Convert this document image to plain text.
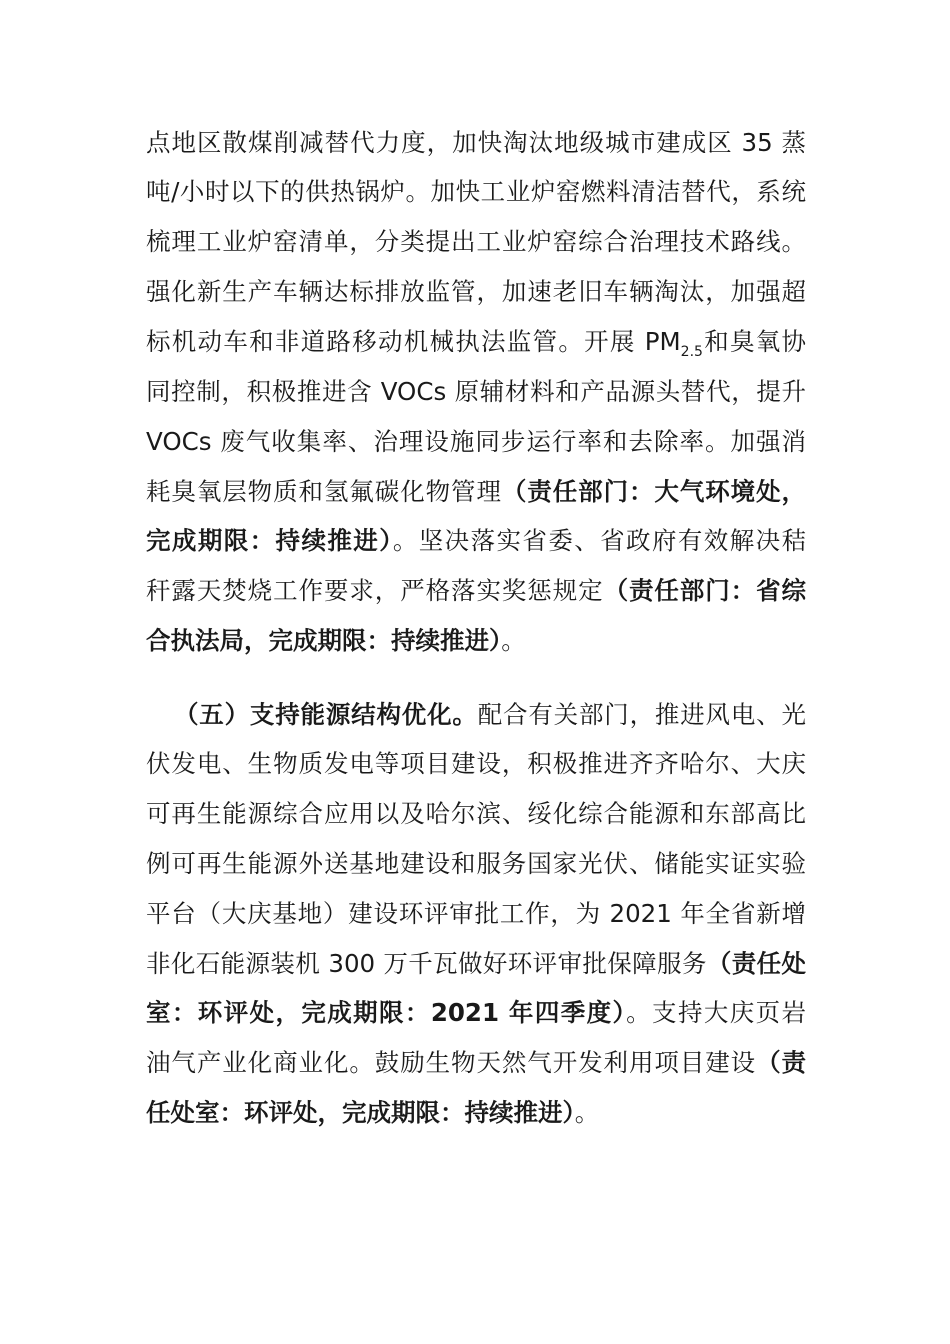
点地区散煤削减替代力度，加快淘汰地级城市建成区 35 蒸
吨/小时以下的供热锅炉。加快工业炉窑燃料清洁替代，系统
梳理工业炉窑清单，分类提出工业炉窑综合治理技术路线。
强化新生产车辆达标排放监管，加速老旧车辆淘汰，加强超
标机动车和非道路移动机械执法监管。开展 $PM_{2.5}$和臭氧协
同控制，积极推进含 VOCs 原辅材料和产品源头替代，提升
VOCs 废气收集率、治理设施同步运行率和去除率。加强消
耗臭氧层物质和氢氟碳化物管理（责任部门：大气环境处，
完成期限：持续推进）。坚决落实省委、省政府有效解决秸
秆露天焚烧工作要求，严格落实奖惩规定（责任部门：省综
合执法局，完成期限：持续推进）。
（五）支持能源结构优化。配合有关部门，推进风电、光
伏发电、生物质发电等项目建设，积极推进齐齐哈尔、大庆
可再生能源综合应用以及哈尔滨、绥化综合能源和东部高比
例可再生能源外送基地建设和服务国家光伏、储能实证实验
平台（大庆基地）建设环评审批工作，为 2021 年全省新增
非化石能源装机 300 万千瓦做好环评审批保障服务（责任处
室：环评处，完成期限：2021 年四季度）。支持大庆页岩
油气产业化商业化。鼓励生物天然气开发利用项目建设（责
任处室：环评处，完成期限：持续推进）。
